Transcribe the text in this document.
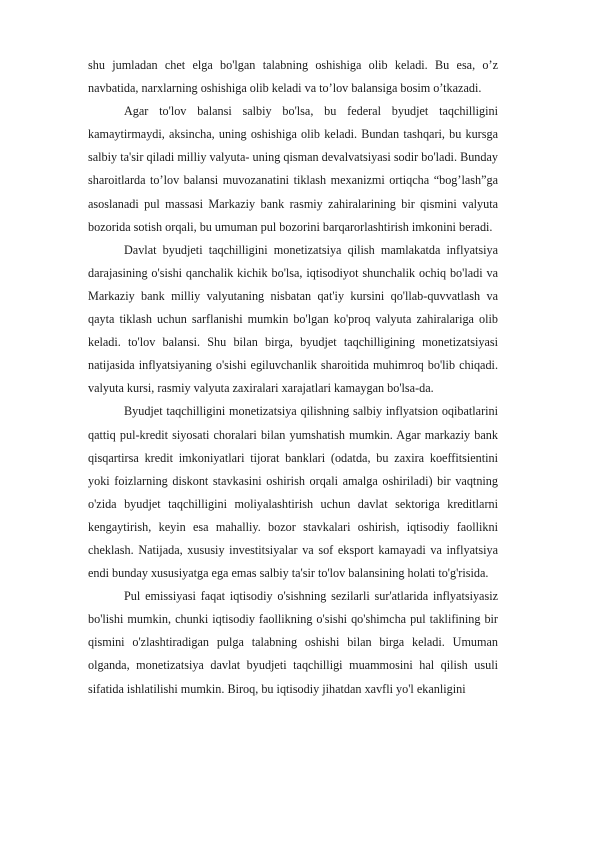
shu jumladan chet elga bo'lgan talabning oshishiga olib keladi. Bu esa, o’z navbatida, narxlarning oshishiga olib keladi va to’lov balansiga bosim o’tkazadi.

Agar to'lov balansi salbiy bo'lsa, bu federal byudjet taqchilligini kamaytirmaydi, aksincha, uning oshishiga olib keladi. Bundan tashqari, bu kursga salbiy ta'sir qiladi milliy valyuta- uning qisman devalvatsiyasi sodir bo'ladi. Bunday sharoitlarda to’lov balansi muvozanatini tiklash mexanizmi ortiqcha “bog’lash”ga asoslanadi pul massasi Markaziy bank rasmiy zahiralarining bir qismini valyuta bozorida sotish orqali, bu umuman pul bozorini barqarorlashtirish imkonini beradi.

Davlat byudjeti taqchilligini monetizatsiya qilish mamlakatda inflyatsiya darajasining o'sishi qanchalik kichik bo'lsa, iqtisodiyot shunchalik ochiq bo'ladi va Markaziy bank milliy valyutaning nisbatan qat'iy kursini qo'llab-quvvatlash va qayta tiklash uchun sarflanishi mumkin bo'lgan ko'proq valyuta zahiralariga olib keladi. to'lov balansi. Shu bilan birga, byudjet taqchilligining monetizatsiyasi natijasida inflyatsiyaning o'sishi egiluvchanlik sharoitida muhimroq bo'lib chiqadi. valyuta kursi, rasmiy valyuta zaxiralari xarajatlari kamaygan bo'lsa-da.

Byudjet taqchilligini monetizatsiya qilishning salbiy inflyatsion oqibatlarini qattiq pul-kredit siyosati choralari bilan yumshatish mumkin. Agar markaziy bank qisqartirsa kredit imkoniyatlari tijorat banklari (odatda, bu zaxira koeffitsientini yoki foizlarning diskont stavkasini oshirish orqali amalga oshiriladi) bir vaqtning o'zida byudjet taqchilligini moliyalashtirish uchun davlat sektoriga kreditlarni kengaytirish, keyin esa mahalliy. bozor stavkalari oshirish, iqtisodiy faollikni cheklash. Natijada, xususiy investitsiyalar va sof eksport kamayadi va inflyatsiya endi bunday xususiyatga ega emas salbiy ta'sir to'lov balansining holati to'g'risida.

Pul emissiyasi faqat iqtisodiy o'sishning sezilarli sur'atlarida inflyatsiyasiz bo'lishi mumkin, chunki iqtisodiy faollikning o'sishi qo'shimcha pul taklifining bir qismini o'zlashtiradigan pulga talabning oshishi bilan birga keladi. Umuman olganda, monetizatsiya davlat byudjeti taqchilligi muammosini hal qilish usuli sifatida ishlatilishi mumkin. Biroq, bu iqtisodiy jihatdan xavfli yo'l ekanligini
